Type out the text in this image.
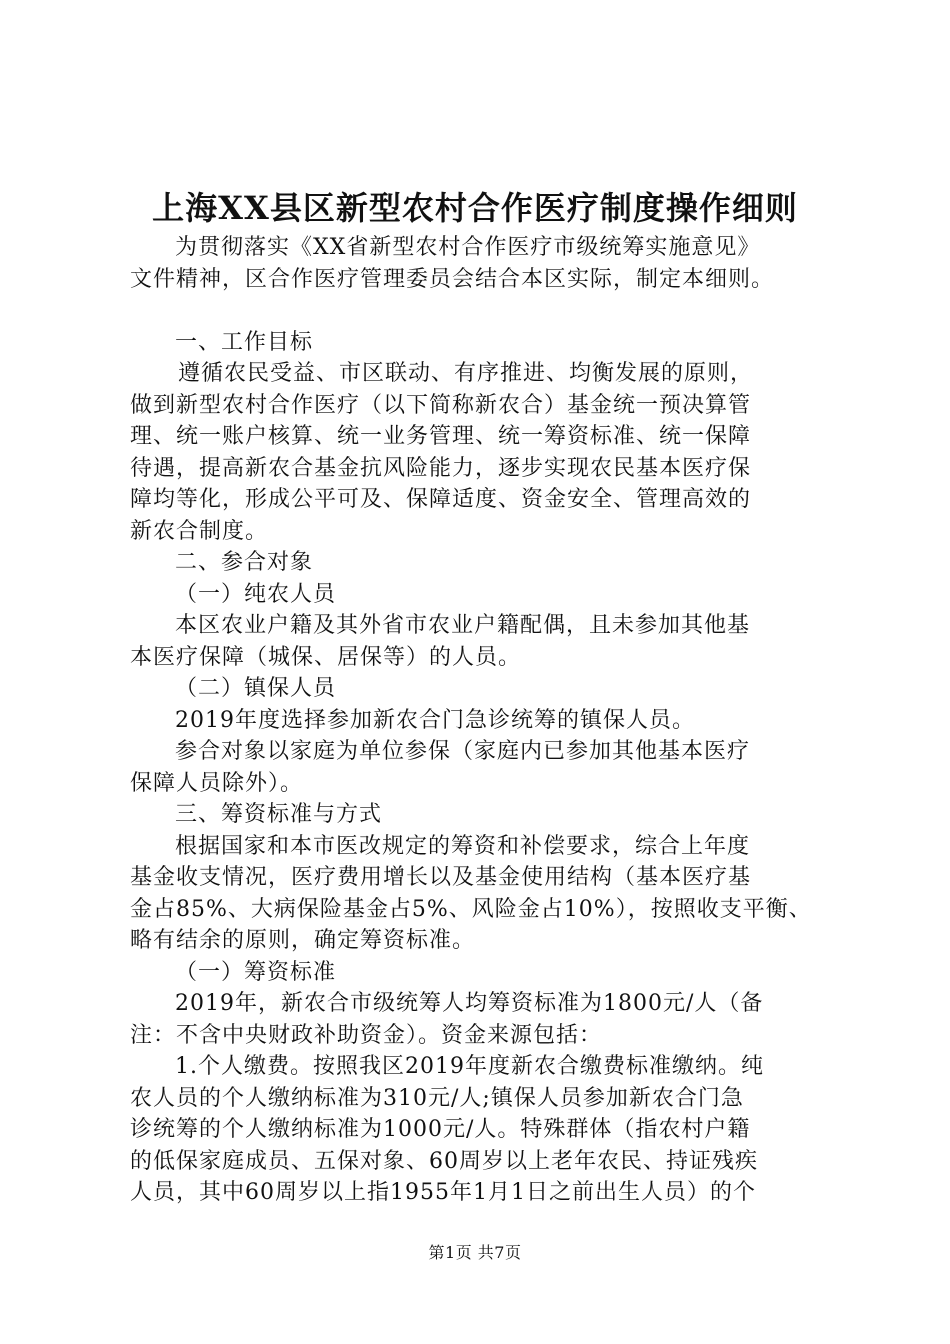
上海XX县区新型农村合作医疗制度操作细则
为贯彻落实《XX省新型农村合作医疗市级统筹实施意见》
文件精神，区合作医疗管理委员会结合本区实际，制定本细则。
一、工作目标
遵循农民受益、市区联动、有序推进、均衡发展的原则，
做到新型农村合作医疗（以下简称新农合）基金统一预决算管
理、统一账户核算、统一业务管理、统一筹资标准、统一保障
待遇，提高新农合基金抗风险能力，逐步实现农民基本医疗保
障均等化，形成公平可及、保障适度、资金安全、管理高效的
新农合制度。
二、参合对象
（一）纯农人员
本区农业户籍及其外省市农业户籍配偶，且未参加其他基
本医疗保障（城保、居保等）的人员。
（二）镇保人员
2019年度选择参加新农合门急诊统筹的镇保人员。
参合对象以家庭为单位参保（家庭内已参加其他基本医疗
保障人员除外）。
三、筹资标准与方式
根据国家和本市医改规定的筹资和补偿要求，综合上年度
基金收支情况，医疗费用增长以及基金使用结构（基本医疗基
金占85%、大病保险基金占5%、风险金占10%），按照收支平衡、
略有结余的原则，确定筹资标准。
（一）筹资标准
2019年，新农合市级统筹人均筹资标准为1800元/人（备
注：不含中央财政补助资金）。资金来源包括：
1.个人缴费。按照我区2019年度新农合缴费标准缴纳。纯
农人员的个人缴纳标准为310元/人;镇保人员参加新农合门急
诊统筹的个人缴纳标准为1000元/人。特殊群体（指农村户籍
的低保家庭成员、五保对象、60周岁以上老年农民、持证残疾
人员，其中60周岁以上指1955年1月1日之前出生人员）的个
第1页 共7页
